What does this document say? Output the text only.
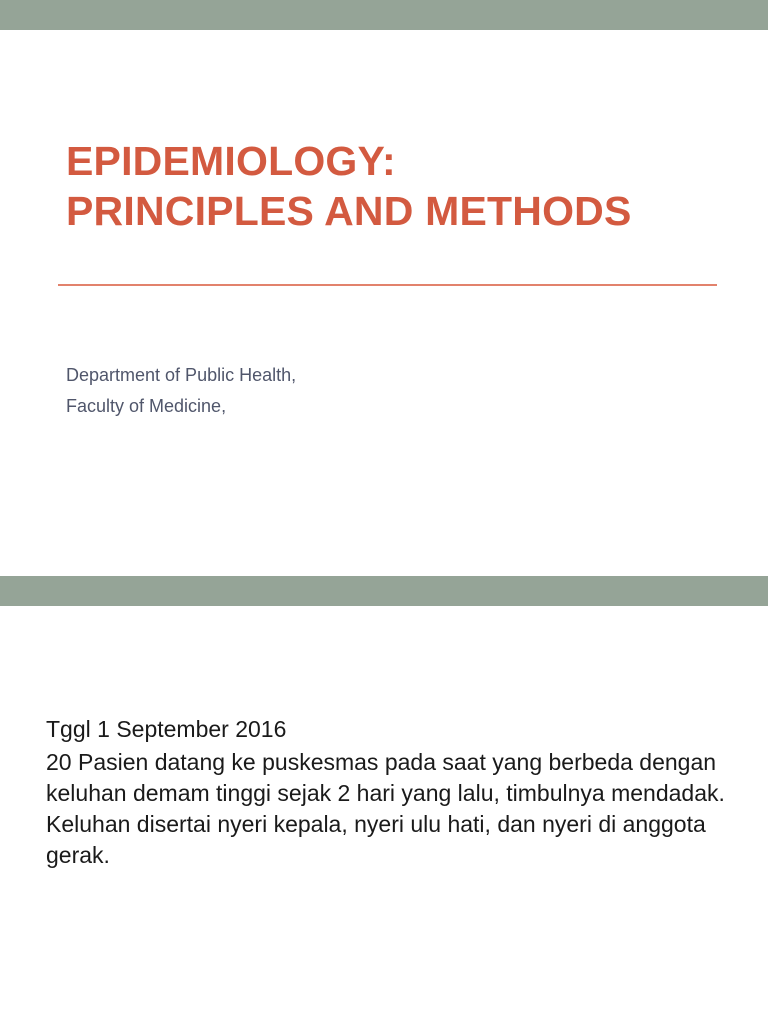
EPIDEMIOLOGY:
PRINCIPLES AND METHODS
Department of Public Health,
Faculty of Medicine,

Tggl 1 September 2016

20 Pasien datang ke puskesmas pada saat yang berbeda dengan keluhan demam tinggi sejak 2 hari yang lalu, timbulnya mendadak. Keluhan disertai nyeri kepala, nyeri ulu hati, dan nyeri di anggota gerak.
